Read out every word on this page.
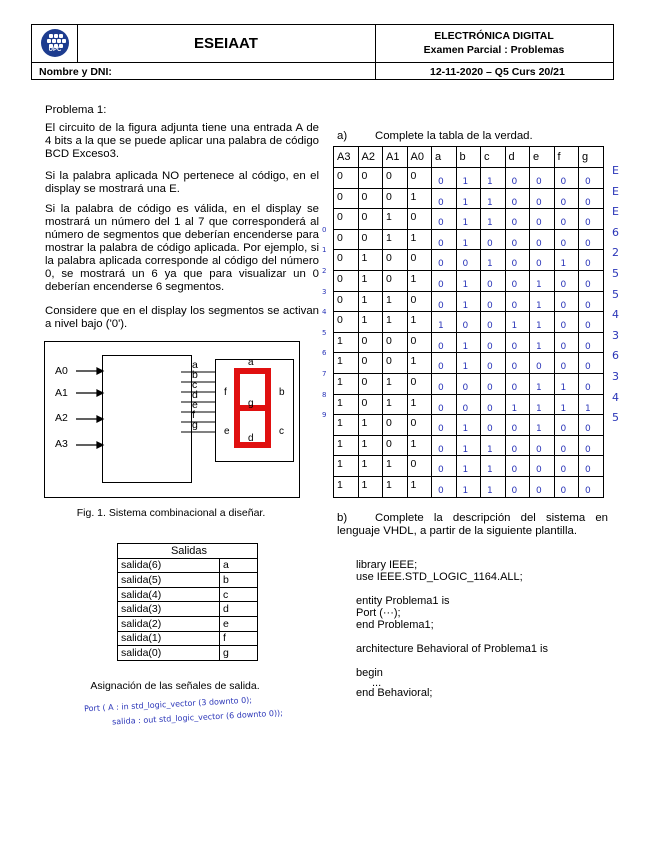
UPC	ESEIAAT	ELECTRÓNICA DIGITAL
Examen Parcial : Problemas
Nombre y DNI:	12-11-2020 – Q5 Curs 20/21
Problema 1:

El circuito de la figura adjunta tiene una entrada A de 4 bits a la que se puede aplicar una palabra de código BCD Exceso3.

Si la palabra aplicada NO pertenece al código, en el display se mostrará una E.

Si la palabra de código es válida, en el display se mostrará un número del 1 al 7 que corresponderá al número de segmentos que deberían encenderse para mostrar la palabra de código aplicada. Por ejemplo, si la palabra aplicada corresponde al código del número 0, se mostrará un 6 ya que para visualizar un 0 deberían encenderse 6 segmentos.

Considere que en el display los segmentos se activan a nivel bajo ('0').

A0
A1
A2
A3
a
b
c
d
e
f
g
a
b
c
d
e
f
g
Fig. 1. Sistema combinacional a diseñar.
Salidas	
salida(6)	a
salida(5)	b
salida(4)	c
salida(3)	d
salida(2)	e
salida(1)	f
salida(0)	g
Asignación de las señales de salida.
Port ( A : in std_logic_vector (3 downto 0);
salida : out std_logic_vector (6 downto 0));
a) Complete la tabla de la verdad.
A3	A2	A1	A0	a	b	c	d	e	f	g

0	0	0	0	0	1	1	0	0	0	0

0	0	0	1	0	1	1	0	0	0	0

0	0	1	0	0	1	1	0	0	0	0

0	0	1	1	0	1	0	0	0	0	0

0	1	0	0	0	0	1	0	0	1	0

0	1	0	1	0	1	0	0	1	0	0

0	1	1	0	0	1	0	0	1	0	0

0	1	1	1	1	0	0	1	1	0	0

1	0	0	0	0	1	0	0	1	0	0

1	0	0	1	0	1	0	0	0	0	0

1	0	1	0	0	0	0	0	1	1	0

1	0	1	1	0	0	0	1	1	1	1

1	1	0	0	0	1	0	0	1	0	0

1	1	0	1	0	1	1	0	0	0	0

1	1	1	0	0	1	1	0	0	0	0

1	1	1	1	0	1	1	0	0	0	0
E
E
E
6
2
5
5
4
3
6
3
4
5
0
1
2
3
4
5
6
7
8
9
b)	Complete la descripción del sistema en lenguaje VHDL, a partir de la siguiente plantilla.

library IEEE;
use IEEE.STD_LOGIC_1164.ALL;
entity Problema1 is
Port (···);
end Problema1;
architecture Behavioral of Problema1 is
begin
...
end Behavioral;
